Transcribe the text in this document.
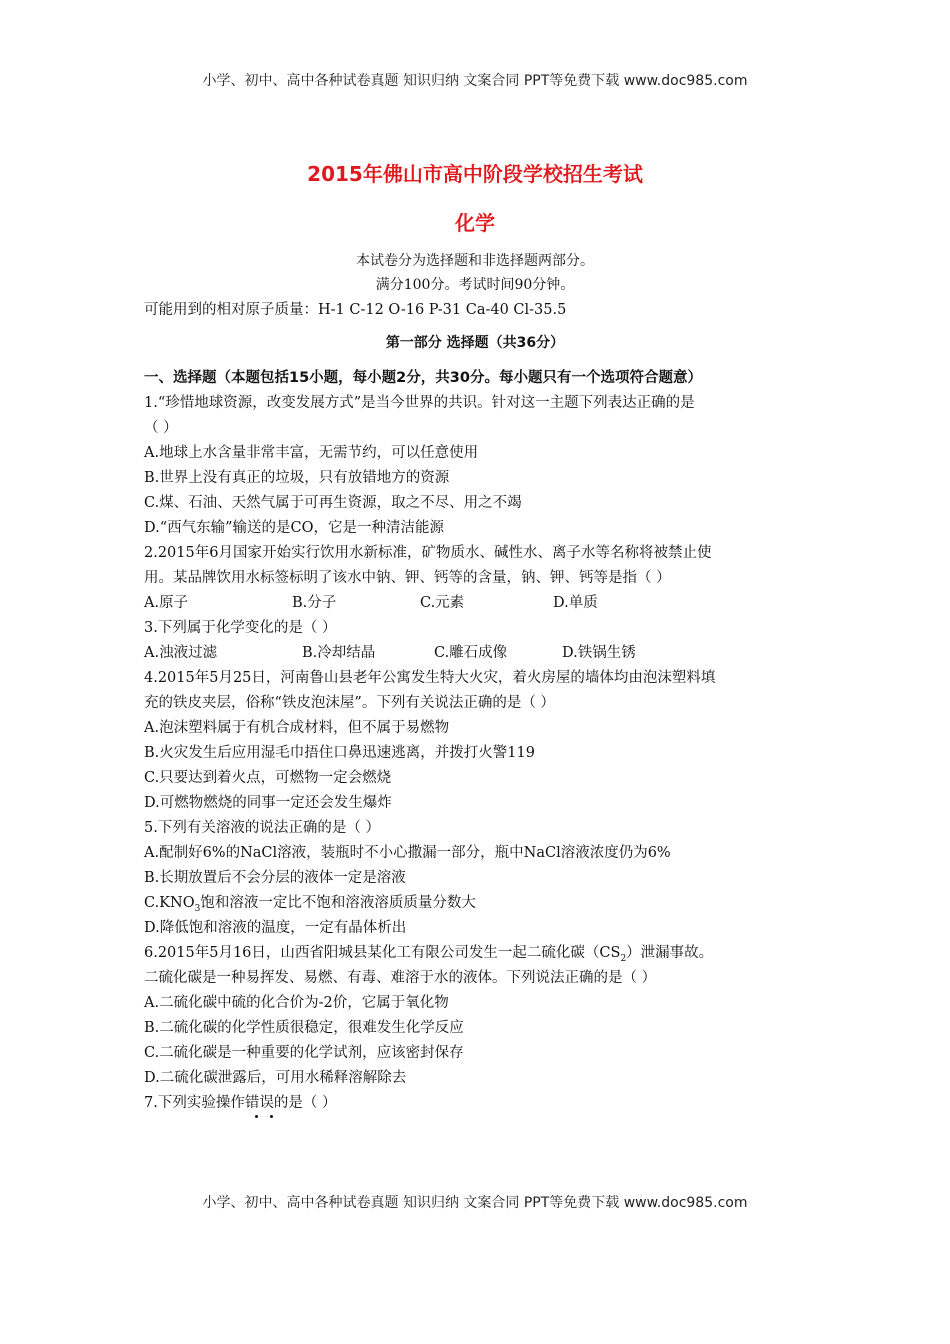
小学、初中、高中各种试卷真题 知识归纳 文案合同 PPT等免费下载 www.doc985.com
2015年佛山市高中阶段学校招生考试
化学
本试卷分为选择题和非选择题两部分。
满分100分。考试时间90分钟。
可能用到的相对原子质量：H-1 C-12 O-16 P-31 Ca-40 Cl-35.5
第一部分 选择题（共36分）
一、选择题（本题包括15小题，每小题2分，共30分。每小题只有一个选项符合题意）
1.“珍惜地球资源，改变发展方式”是当今世界的共识。针对这一主题下列表达正确的是
（ ）
A.地球上水含量非常丰富，无需节约，可以任意使用
B.世界上没有真正的垃圾，只有放错地方的资源
C.煤、石油、天然气属于可再生资源，取之不尽、用之不竭
D.“西气东输”输送的是CO，它是一种清洁能源
2.2015年6月国家开始实行饮用水新标准，矿物质水、碱性水、离子水等名称将被禁止使
用。某品牌饮用水标签标明了该水中钠、钾、钙等的含量，钠、钾、钙等是指（ ）
A.原子	B.分子	C.元素	D.单质
3.下列属于化学变化的是（ ）
A.浊液过滤	B.冷却结晶	C.雕石成像	D.铁锅生锈
4.2015年5月25日，河南鲁山县老年公寓发生特大火灾，着火房屋的墙体均由泡沫塑料填
充的铁皮夹层，俗称“铁皮泡沫屋”。下列有关说法正确的是（ ）
A.泡沫塑料属于有机合成材料，但不属于易燃物
B.火灾发生后应用湿毛巾捂住口鼻迅速逃离，并拨打火警119
C.只要达到着火点，可燃物一定会燃烧
D.可燃物燃烧的同事一定还会发生爆炸
5.下列有关溶液的说法正确的是（ ）
A.配制好6%的NaCl溶液，装瓶时不小心撒漏一部分，瓶中NaCl溶液浓度仍为6%
B.长期放置后不会分层的液体一定是溶液
$C.KNO_3$饱和溶液一定比不饱和溶液溶质质量分数大
D.降低饱和溶液的温度，一定有晶体析出
6.2015年5月16日，山西省阳城县某化工有限公司发生一起二硫化碳$(CS_2)$泄漏事故。
二硫化碳是一种易挥发、易燃、有毒、难溶于水的液体。下列说法正确的是（ ）
A.二硫化碳中硫的化合价为-2价，它属于氧化物
B.二硫化碳的化学性质很稳定，很难发生化学反应
C.二硫化碳是一种重要的化学试剂，应该密封保存
D.二硫化碳泄露后，可用水稀释溶解除去
7.下列实验操作错误的是（ ）
小学、初中、高中各种试卷真题 知识归纳 文案合同 PPT等免费下载 www.doc985.com
